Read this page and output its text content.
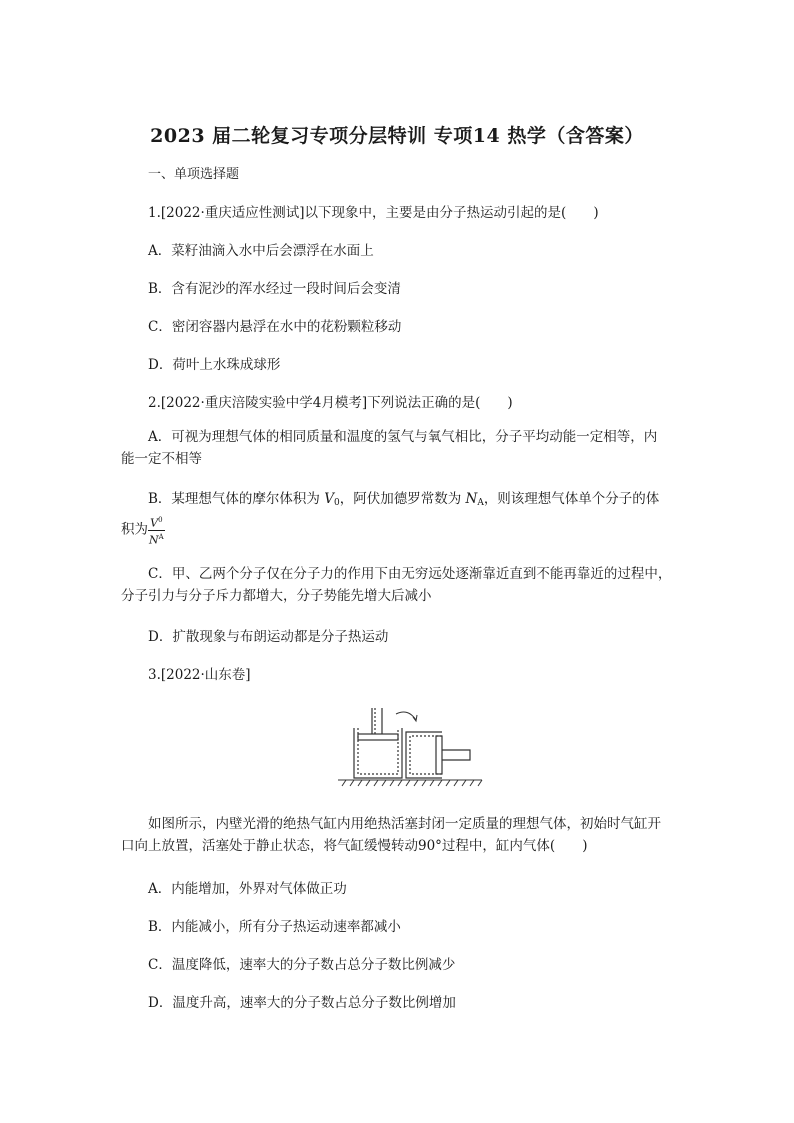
2023 届二轮复习专项分层特训 专项14 热学（含答案）
一、单项选择题
1.[2022·重庆适应性测试]以下现象中，主要是由分子热运动引起的是(　　)
A．菜籽油滴入水中后会漂浮在水面上
B．含有泥沙的浑水经过一段时间后会变清
C．密闭容器内悬浮在水中的花粉颗粒移动
D．荷叶上水珠成球形
2.[2022·重庆涪陵实验中学4月模考]下列说法正确的是(　　)
A．可视为理想气体的相同质量和温度的氢气与氧气相比，分子平均动能一定相等，内
能一定不相等
B．某理想气体的摩尔体积为 $V_0$，阿伏加德罗常数为 $N_A$，则该理想气体单个分子的体
积为 $\frac{V^0}{N^A}$
C．甲、乙两个分子仅在分子力的作用下由无穷远处逐渐靠近直到不能再靠近的过程中，
分子引力与分子斥力都增大，分子势能先增大后减小
D．扩散现象与布朗运动都是分子热运动
3.[2022·山东卷]
如图所示，内壁光滑的绝热气缸内用绝热活塞封闭一定质量的理想气体，初始时气缸开
口向上放置，活塞处于静止状态，将气缸缓慢转动90°过程中，缸内气体(　　)
A．内能增加，外界对气体做正功
B．内能减小，所有分子热运动速率都减小
C．温度降低，速率大的分子数占总分子数比例减少
D．温度升高，速率大的分子数占总分子数比例增加
